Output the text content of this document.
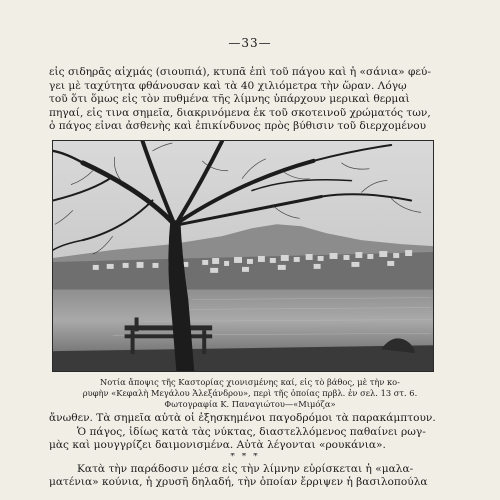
—33—

εἰς σιδηρᾶς αἰχμάς (σιουπιά), κτυπᾶ ἐπὶ τοῦ πάγου καὶ ἡ «σάνια» φεύ-

γει μὲ ταχύτητα φθάνουσαν καὶ τὰ 40 χιλιόμετρα τὴν ὥραν. Λόγῳ

τοῦ ὅτι ὅμως εἰς τὸν πυθμένα τῆς λίμνης ὑπάρχουν μερικαὶ θερμαὶ

πηγαί, εἰς τινα σημεῖα, διακρινόμενα ἐκ τοῦ σκοτεινοῦ χρώματός των,

ὁ πάγος εἶναι ἀσθενὴς καὶ ἐπικίνδυνος πρὸς βύθισιν τοῦ διερχομένου

Νοτία ἄποψις τῆς Καστορίας χιονισμένης καί, εἰς τὸ βάθος, μὲ τὴν κο-

ρυφὴν «Κεφαλὴ Μεγάλου Ἀλεξάνδρου», περὶ τῆς ὁποίας πρβλ. ἐν σελ. 13 στ. 6.

Φωτογραφία Κ. Παναγιώτου—«Μιμόζα»

ἄνωθεν. Τὰ σημεῖα αὐτὰ οἱ ἐξησκημένοι παγοδρόμοι τὰ παρακάμπτουν.

Ὁ πάγος, ἰδίως κατὰ τὰς νύκτας, διαστελλόμενος παθαίνει ρωγ-

μὰς καὶ μουγγρίζει δαιμονισμένα. Αὐτὰ λέγονται «ρουκάνια».

* * *

Κατὰ τὴν παράδοσιν μέσα εἰς τὴν λίμνην εὑρίσκεται ἡ «μαλα-

ματένια» κούνια, ἡ χρυσῆ δηλαδή, τὴν ὁποίαν ἔρριψεν ἡ βασιλοπούλα
